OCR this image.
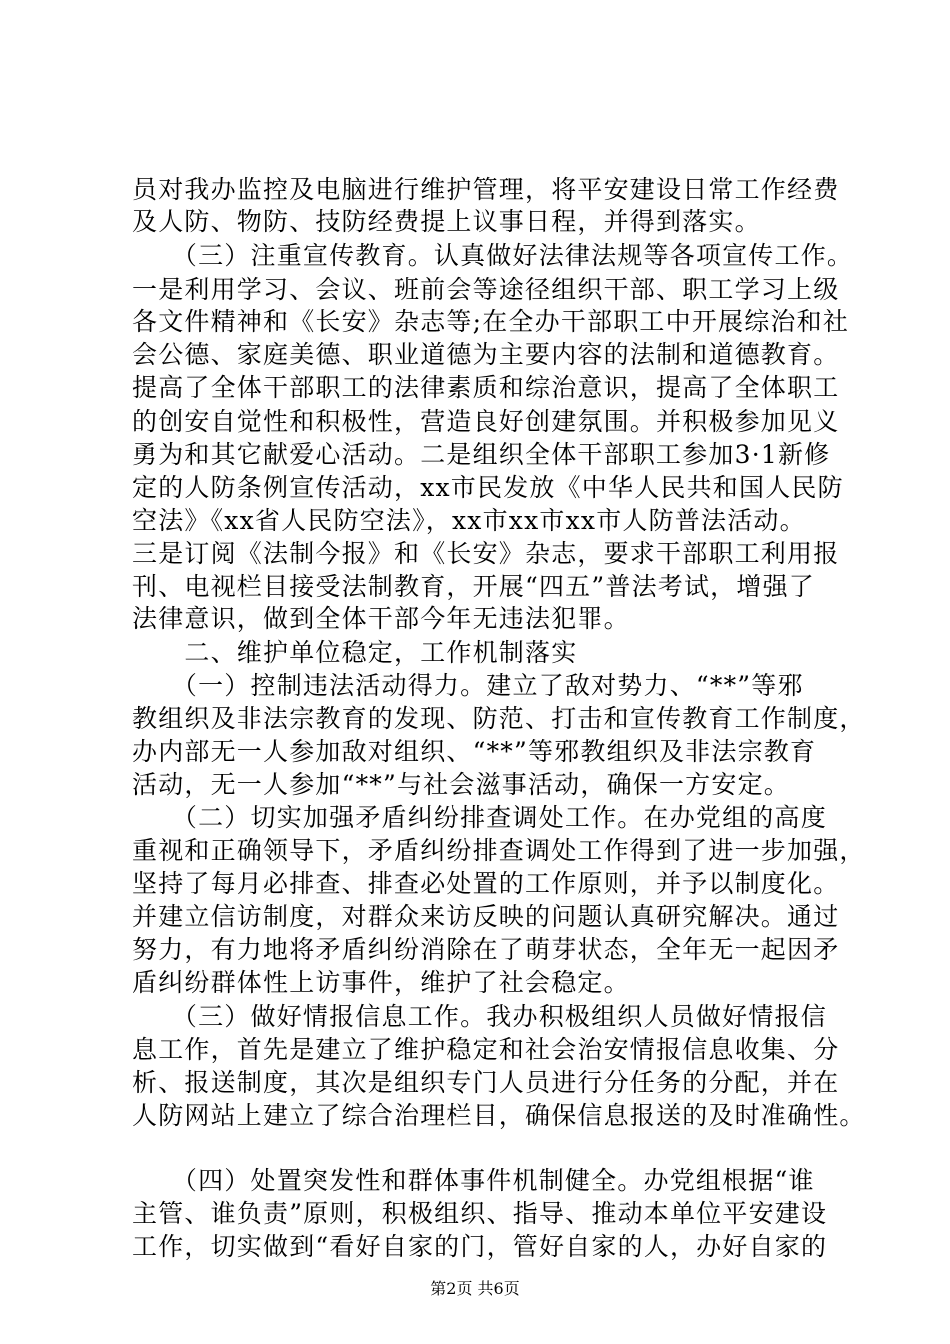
员对我办监控及电脑进行维护管理，将平安建设日常工作经费
及人防、物防、技防经费提上议事日程，并得到落实。
　　（三）注重宣传教育。认真做好法律法规等各项宣传工作。
一是利用学习、会议、班前会等途径组织干部、职工学习上级
各文件精神和《长安》杂志等;在全办干部职工中开展综治和社
会公德、家庭美德、职业道德为主要内容的法制和道德教育。
提高了全体干部职工的法律素质和综治意识，提高了全体职工
的创安自觉性和积极性，营造良好创建氛围。并积极参加见义
勇为和其它献爱心活动。二是组织全体干部职工参加3·1新修
定的人防条例宣传活动，xx市民发放《中华人民共和国人民防
空法》《xx省人民防空法》，xx市xx市xx市人防普法活动。
三是订阅《法制今报》和《长安》杂志，要求干部职工利用报
刊、电视栏目接受法制教育，开展“四五”普法考试，增强了
法律意识，做到全体干部今年无违法犯罪。
　　二、维护单位稳定，工作机制落实
　　（一）控制违法活动得力。建立了敌对势力、“**”等邪
教组织及非法宗教育的发现、防范、打击和宣传教育工作制度，
办内部无一人参加敌对组织、“**”等邪教组织及非法宗教育
活动，无一人参加“**”与社会滋事活动，确保一方安定。
　　（二）切实加强矛盾纠纷排查调处工作。在办党组的高度
重视和正确领导下，矛盾纠纷排查调处工作得到了进一步加强，
坚持了每月必排查、排查必处置的工作原则，并予以制度化。
并建立信访制度，对群众来访反映的问题认真研究解决。通过
努力，有力地将矛盾纠纷消除在了萌芽状态，全年无一起因矛
盾纠纷群体性上访事件，维护了社会稳定。
　　（三）做好情报信息工作。我办积极组织人员做好情报信
息工作，首先是建立了维护稳定和社会治安情报信息收集、分
析、报送制度，其次是组织专门人员进行分任务的分配，并在
人防网站上建立了综合治理栏目，确保信息报送的及时准确性。
　　（四）处置突发性和群体事件机制健全。办党组根据“谁
主管、谁负责”原则，积极组织、指导、推动本单位平安建设
工作，切实做到“看好自家的门，管好自家的人，办好自家的
第2页 共6页
